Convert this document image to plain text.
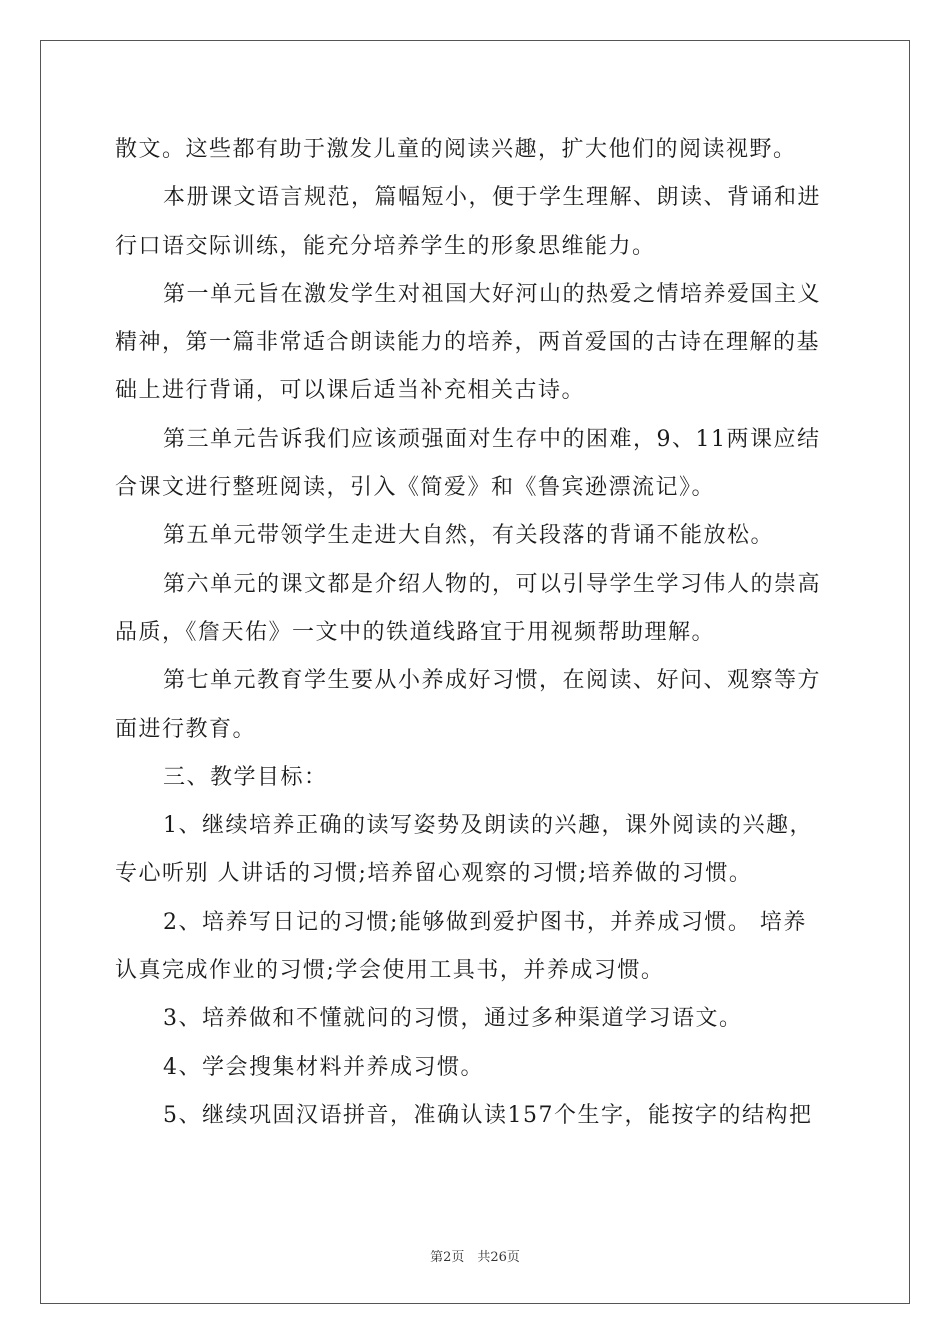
散文。这些都有助于激发儿童的阅读兴趣，扩大他们的阅读视野。
本册课文语言规范，篇幅短小，便于学生理解、朗读、背诵和进
行口语交际训练，能充分培养学生的形象思维能力。
第一单元旨在激发学生对祖国大好河山的热爱之情培养爱国主义
精神，第一篇非常适合朗读能力的培养，两首爱国的古诗在理解的基
础上进行背诵，可以课后适当补充相关古诗。
第三单元告诉我们应该顽强面对生存中的困难，9、11两课应结
合课文进行整班阅读，引入《简爱》和《鲁宾逊漂流记》。
第五单元带领学生走进大自然，有关段落的背诵不能放松。
第六单元的课文都是介绍人物的，可以引导学生学习伟人的崇高
品质，《詹天佑》一文中的铁道线路宜于用视频帮助理解。
第七单元教育学生要从小养成好习惯，在阅读、好问、观察等方
面进行教育。
三、教学目标：
1、继续培养正确的读写姿势及朗读的兴趣，课外阅读的兴趣，
专心听别 人讲话的习惯;培养留心观察的习惯;培养做的习惯。
2、培养写日记的习惯;能够做到爱护图书，并养成习惯。 培养
认真完成作业的习惯;学会使用工具书，并养成习惯。
3、培养做和不懂就问的习惯，通过多种渠道学习语文。
4、学会搜集材料并养成习惯。
5、继续巩固汉语拼音，准确认读157个生字，能按字的结构把
第2页　共26页
